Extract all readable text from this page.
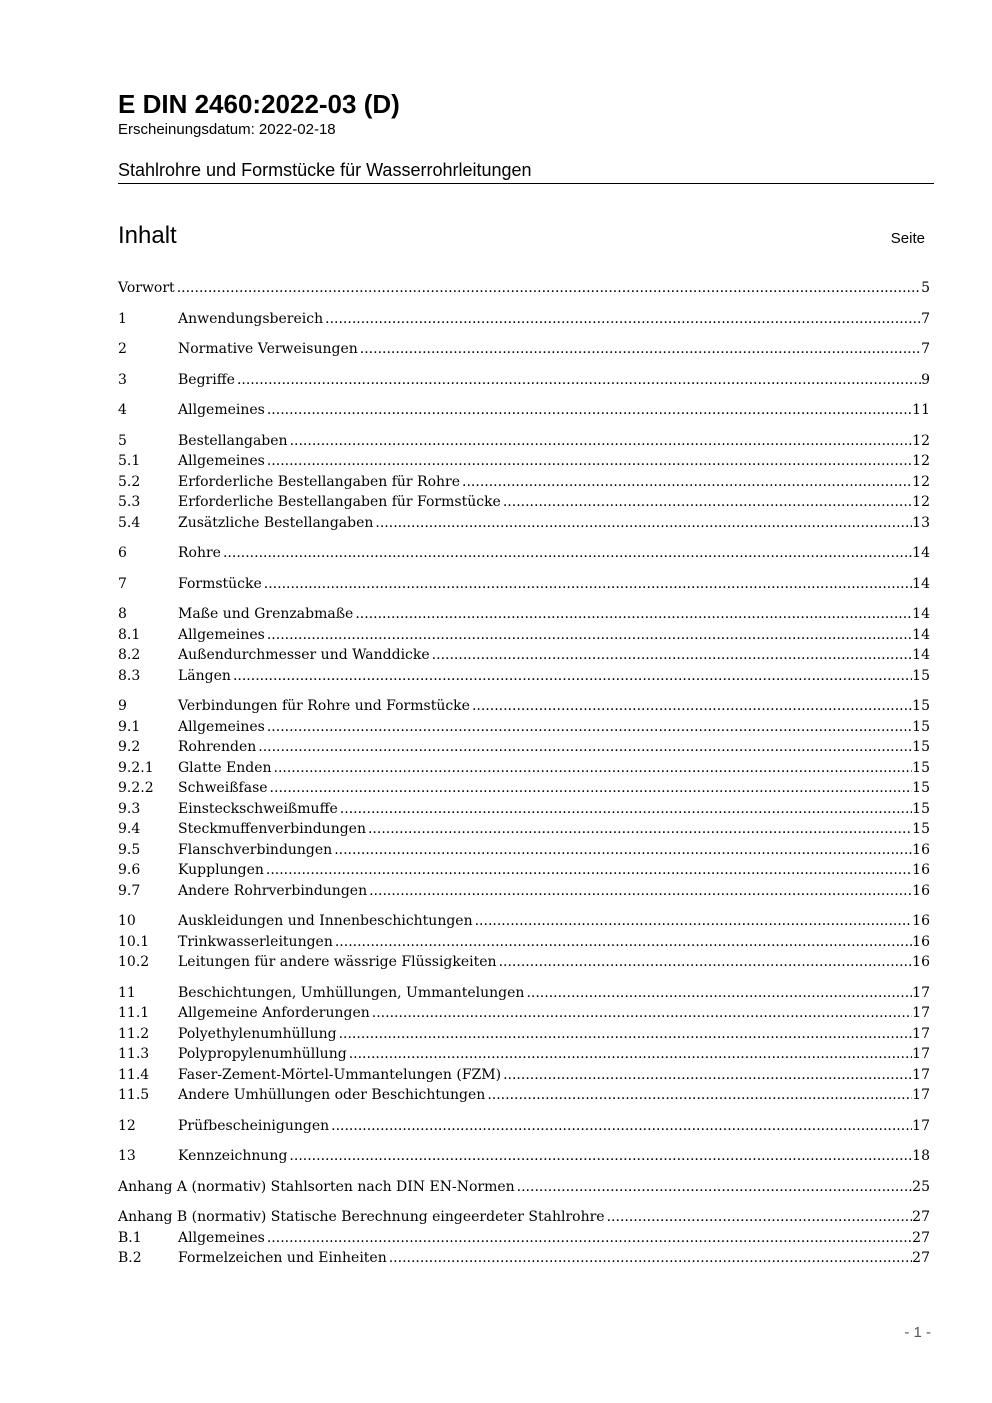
E DIN 2460:2022-03 (D)
Erscheinungsdatum: 2022-02-18
Stahlrohre und Formstücke für Wasserrohrleitungen
Inhalt	Seite
Vorwort .....	5
1	Anwendungsbereich .....	7
2	Normative Verweisungen .....	7
3	Begriffe .....	9
4	Allgemeines .....	11
5	Bestellangaben .....	12
5.1	Allgemeines .....	12
5.2	Erforderliche Bestellangaben für Rohre .....	12
5.3	Erforderliche Bestellangaben für Formstücke .....	12
5.4	Zusätzliche Bestellangaben .....	13
6	Rohre .....	14
7	Formstücke .....	14
8	Maße und Grenzabmaße .....	14
8.1	Allgemeines .....	14
8.2	Außendurchmesser und Wanddicke .....	14
8.3	Längen .....	15
9	Verbindungen für Rohre und Formstücke .....	15
9.1	Allgemeines .....	15
9.2	Rohrenden .....	15
9.2.1 Glatte Enden .....	15
9.2.2 Schweißfase .....	15
9.3	Einsteckschweißmuffe .....	15
9.4	Steckmuffenverbindungen .....	15
9.5	Flanschverbindungen .....	16
9.6	Kupplungen .....	16
9.7	Andere Rohrverbindungen .....	16
10	Auskleidungen und Innenbeschichtungen .....	16
10.1 Trinkwasserleitungen .....	16
10.2 Leitungen für andere wässrige Flüssigkeiten .....	16
11	Beschichtungen, Umhüllungen, Ummantelungen .....	17
11.1 Allgemeine Anforderungen .....	17
11.2 Polyethylenumhüllung .....	17
11.3 Polypropylenumhüllung .....	17
11.4 Faser-Zement-Mörtel-Ummantelungen (FZM) .....	17
11.5 Andere Umhüllungen oder Beschichtungen .....	17
12	Prüfbescheinigungen .....	17
13	Kennzeichnung .....	18
Anhang A (normativ) Stahlsorten nach DIN EN-Normen .....	25
Anhang B (normativ) Statische Berechnung eingeerdeter Stahlrohre .....	27
B.1	Allgemeines .....	27
B.2	Formelzeichen und Einheiten .....	27
- 1 -
